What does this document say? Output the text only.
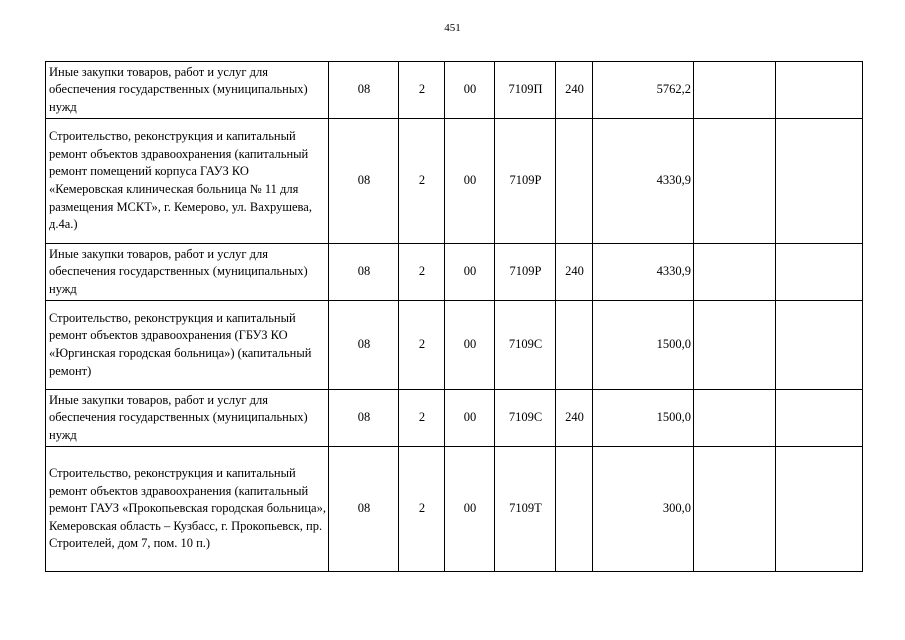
451
Иные закупки товаров, работ и услуг для обеспечения государственных (муниципальных) нужд	08	2	00	7109П	240	5762,2		
Строительство, реконструкция и капитальный ремонт объектов здравоохранения (капитальный ремонт помещений корпуса ГАУЗ КО «Кемеровская клиническая больница № 11 для размещения МСКТ», г. Кемерово, ул. Вахрушева, д.4а.)	08	2	00	7109Р		4330,9		
Иные закупки товаров, работ и услуг для обеспечения государственных (муниципальных) нужд	08	2	00	7109Р	240	4330,9		
Строительство, реконструкция и капитальный ремонт объектов здравоохранения (ГБУЗ КО «Юргинская городская больница») (капитальный ремонт)	08	2	00	7109С		1500,0		
Иные закупки товаров, работ и услуг для обеспечения государственных (муниципальных) нужд	08	2	00	7109С	240	1500,0		
Строительство, реконструкция и капитальный ремонт объектов здравоохранения (капитальный ремонт ГАУЗ «Прокопьевская городская больница», Кемеровская область – Кузбасс, г. Прокопьевск, пр. Строителей, дом 7, пом. 10 п.)	08	2	00	7109Т		300,0		
